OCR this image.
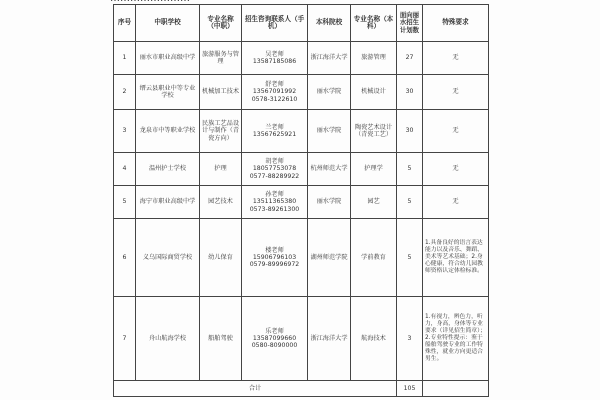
序号	中职学校	专业名称（中职）	招生咨询联系人（手机）	本科院校	专业名称（本科）	面向丽水招生计划数	特殊要求
1	丽水市职业高级中学	旅游服务与管理	吴老师
13587185086	浙江海洋大学	旅游管理	27	无
2	缙云县职业中等专业学校	机械加工技术	舒老师
13567091992
0578-3122610	丽水学院	机械设计	30	无
3	龙泉市中等职业学校	民族工艺品设计与制作（青瓷方向）	兰老师
13567625921	丽水学院	陶瓷艺术设计（青瓷工艺）	30	无
4	温州护士学校	护理	胡老师
18057753078
0577-88289922	杭州师范大学	护理学	5	无
5	海宁市职业高级中学	园艺技术	孙老师
13511365380
0573-89261300	丽水学院	园艺	5	无
6	义乌国际商贸学校	幼儿保育	楼老师
15906796103
0579-89996972	湖州师范学院	学前教育	5	1.具备良好的语言表达能力以及音乐、舞蹈、美术等艺术基础；2.身心健康，符合幼儿园教师资格认定体检标准。
7	舟山航海学校	船舶驾驶	乐老师
13587099660
0580-8090000	浙江海洋大学	航海技术	3	1.有视力，辨色力，听力，身高，身体等专业要求（详见招生简章）；2.专业特性提示：鉴于船舶驾驶专业的工作特殊性，就业方向更适合男生。
合计						105	
